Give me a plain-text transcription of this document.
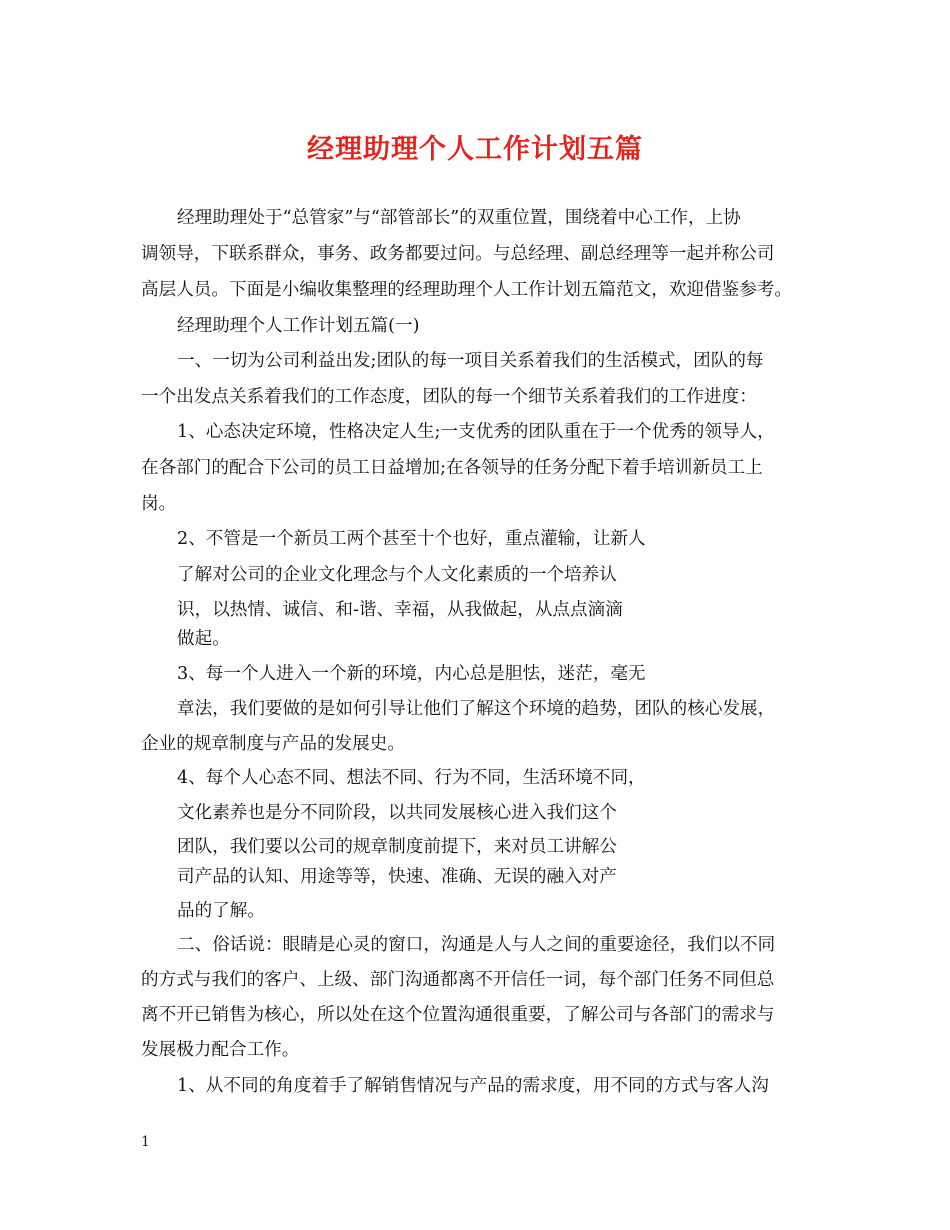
经理助理个人工作计划五篇
经理助理处于“总管家”与“部管部长”的双重位置，围绕着中心工作，上协
调领导，下联系群众，事务、政务都要过问。与总经理、副总经理等一起并称公司
高层人员。下面是小编收集整理的经理助理个人工作计划五篇范文，欢迎借鉴参考。
经理助理个人工作计划五篇(一)
一、一切为公司利益出发;团队的每一项目关系着我们的生活模式，团队的每
一个出发点关系着我们的工作态度，团队的每一个细节关系着我们的工作进度：
1、心态决定环境，性格决定人生;一支优秀的团队重在于一个优秀的领导人，
在各部门的配合下公司的员工日益增加;在各领导的任务分配下着手培训新员工上
岗。
2、不管是一个新员工两个甚至十个也好，重点灌输，让新人
了解对公司的企业文化理念与个人文化素质的一个培养认
识，以热情、诚信、和-谐、幸福，从我做起，从点点滴滴
做起。
3、每一个人进入一个新的环境，内心总是胆怯，迷茫，毫无
章法，我们要做的是如何引导让他们了解这个环境的趋势，团队的核心发展，
企业的规章制度与产品的发展史。
4、每个人心态不同、想法不同、行为不同，生活环境不同，
文化素养也是分不同阶段，以共同发展核心进入我们这个
团队，我们要以公司的规章制度前提下，来对员工讲解公
司产品的认知、用途等等，快速、准确、无误的融入对产
品的了解。
二、俗话说：眼睛是心灵的窗口，沟通是人与人之间的重要途径，我们以不同
的方式与我们的客户、上级、部门沟通都离不开信任一词，每个部门任务不同但总
离不开已销售为核心，所以处在这个位置沟通很重要，了解公司与各部门的需求与
发展极力配合工作。
1、从不同的角度着手了解销售情况与产品的需求度，用不同的方式与客人沟
1
